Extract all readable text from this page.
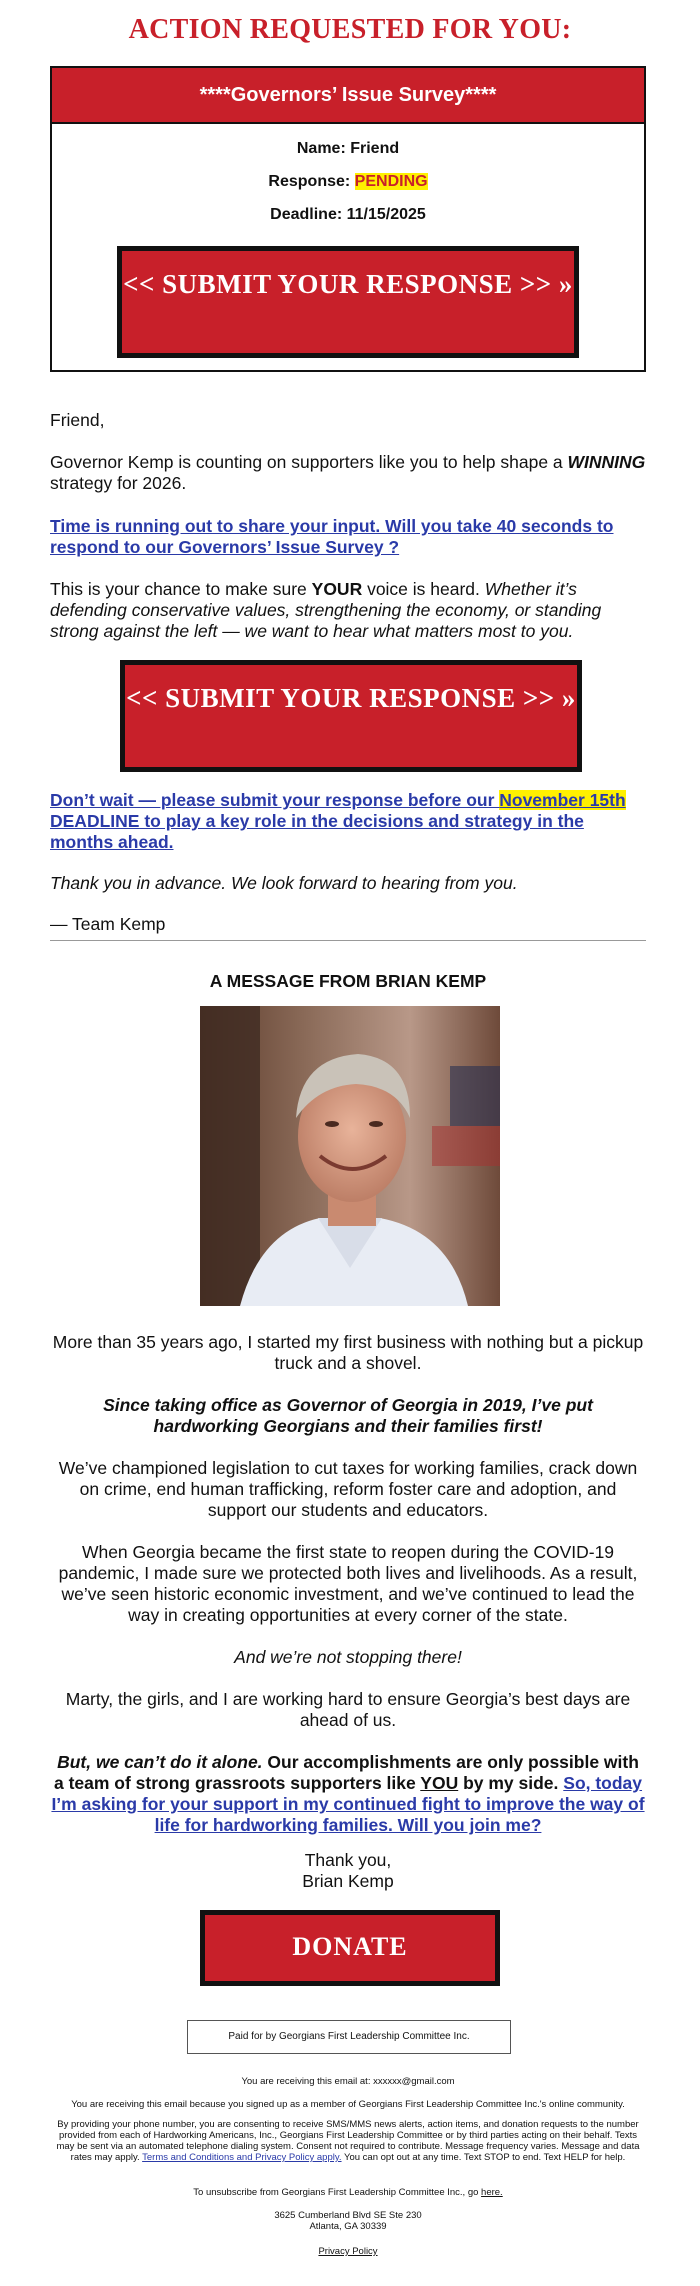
ACTION REQUESTED FOR YOU:
****Governors’ Issue Survey****

Name: Friend

Response: PENDING

Deadline: 11/15/2025

<< SUBMIT YOUR RESPONSE >> »

Friend,

Governor Kemp is counting on supporters like you to help shape a WINNING strategy for 2026.

Time is running out to share your input. Will you take 40 seconds to respond to our Governors’ Issue Survey ?

This is your chance to make sure YOUR voice is heard. Whether it’s defending conservative values, strengthening the economy, or standing strong against the left — we want to hear what matters most to you.

<< SUBMIT YOUR RESPONSE >> »

Don’t wait — please submit your response before our November 15th DEADLINE to play a key role in the decisions and strategy in the months ahead.

Thank you in advance. We look forward to hearing from you.

— Team Kemp

A MESSAGE FROM BRIAN KEMP

More than 35 years ago, I started my first business with nothing but a pickup truck and a shovel.

Since taking office as Governor of Georgia in 2019, I’ve put hardworking Georgians and their families first!

We’ve championed legislation to cut taxes for working families, crack down on crime, end human trafficking, reform foster care and adoption, and support our students and educators.

When Georgia became the first state to reopen during the COVID-19 pandemic, I made sure we protected both lives and livelihoods. As a result, we’ve seen historic economic investment, and we’ve continued to lead the way in creating opportunities at every corner of the state.

And we’re not stopping there!

Marty, the girls, and I are working hard to ensure Georgia’s best days are ahead of us.

But, we can’t do it alone. Our accomplishments are only possible with a team of strong grassroots supporters like YOU by my side. So, today I’m asking for your support in my continued fight to improve the way of life for hardworking families. Will you join me?

Thank you,

Brian Kemp

DONATE
Paid for by Georgians First Leadership Committee Inc.

You are receiving this email at: xxxxxx@gmail.com

You are receiving this email because you signed up as a member of Georgians First Leadership Committee Inc.'s online community.

By providing your phone number, you are consenting to receive SMS/MMS news alerts, action items, and donation requests to the number provided from each of Hardworking Americans, Inc., Georgians First Leadership Committee or by third parties acting on their behalf. Texts may be sent via an automated telephone dialing system. Consent not required to contribute. Message frequency varies. Message and data rates may apply. Terms and Conditions and Privacy Policy apply. You can opt out at any time. Text STOP to end. Text HELP for help.

To unsubscribe from Georgians First Leadership Committee Inc., go here.

3625 Cumberland Blvd SE Ste 230

Atlanta, GA 30339

Privacy Policy
